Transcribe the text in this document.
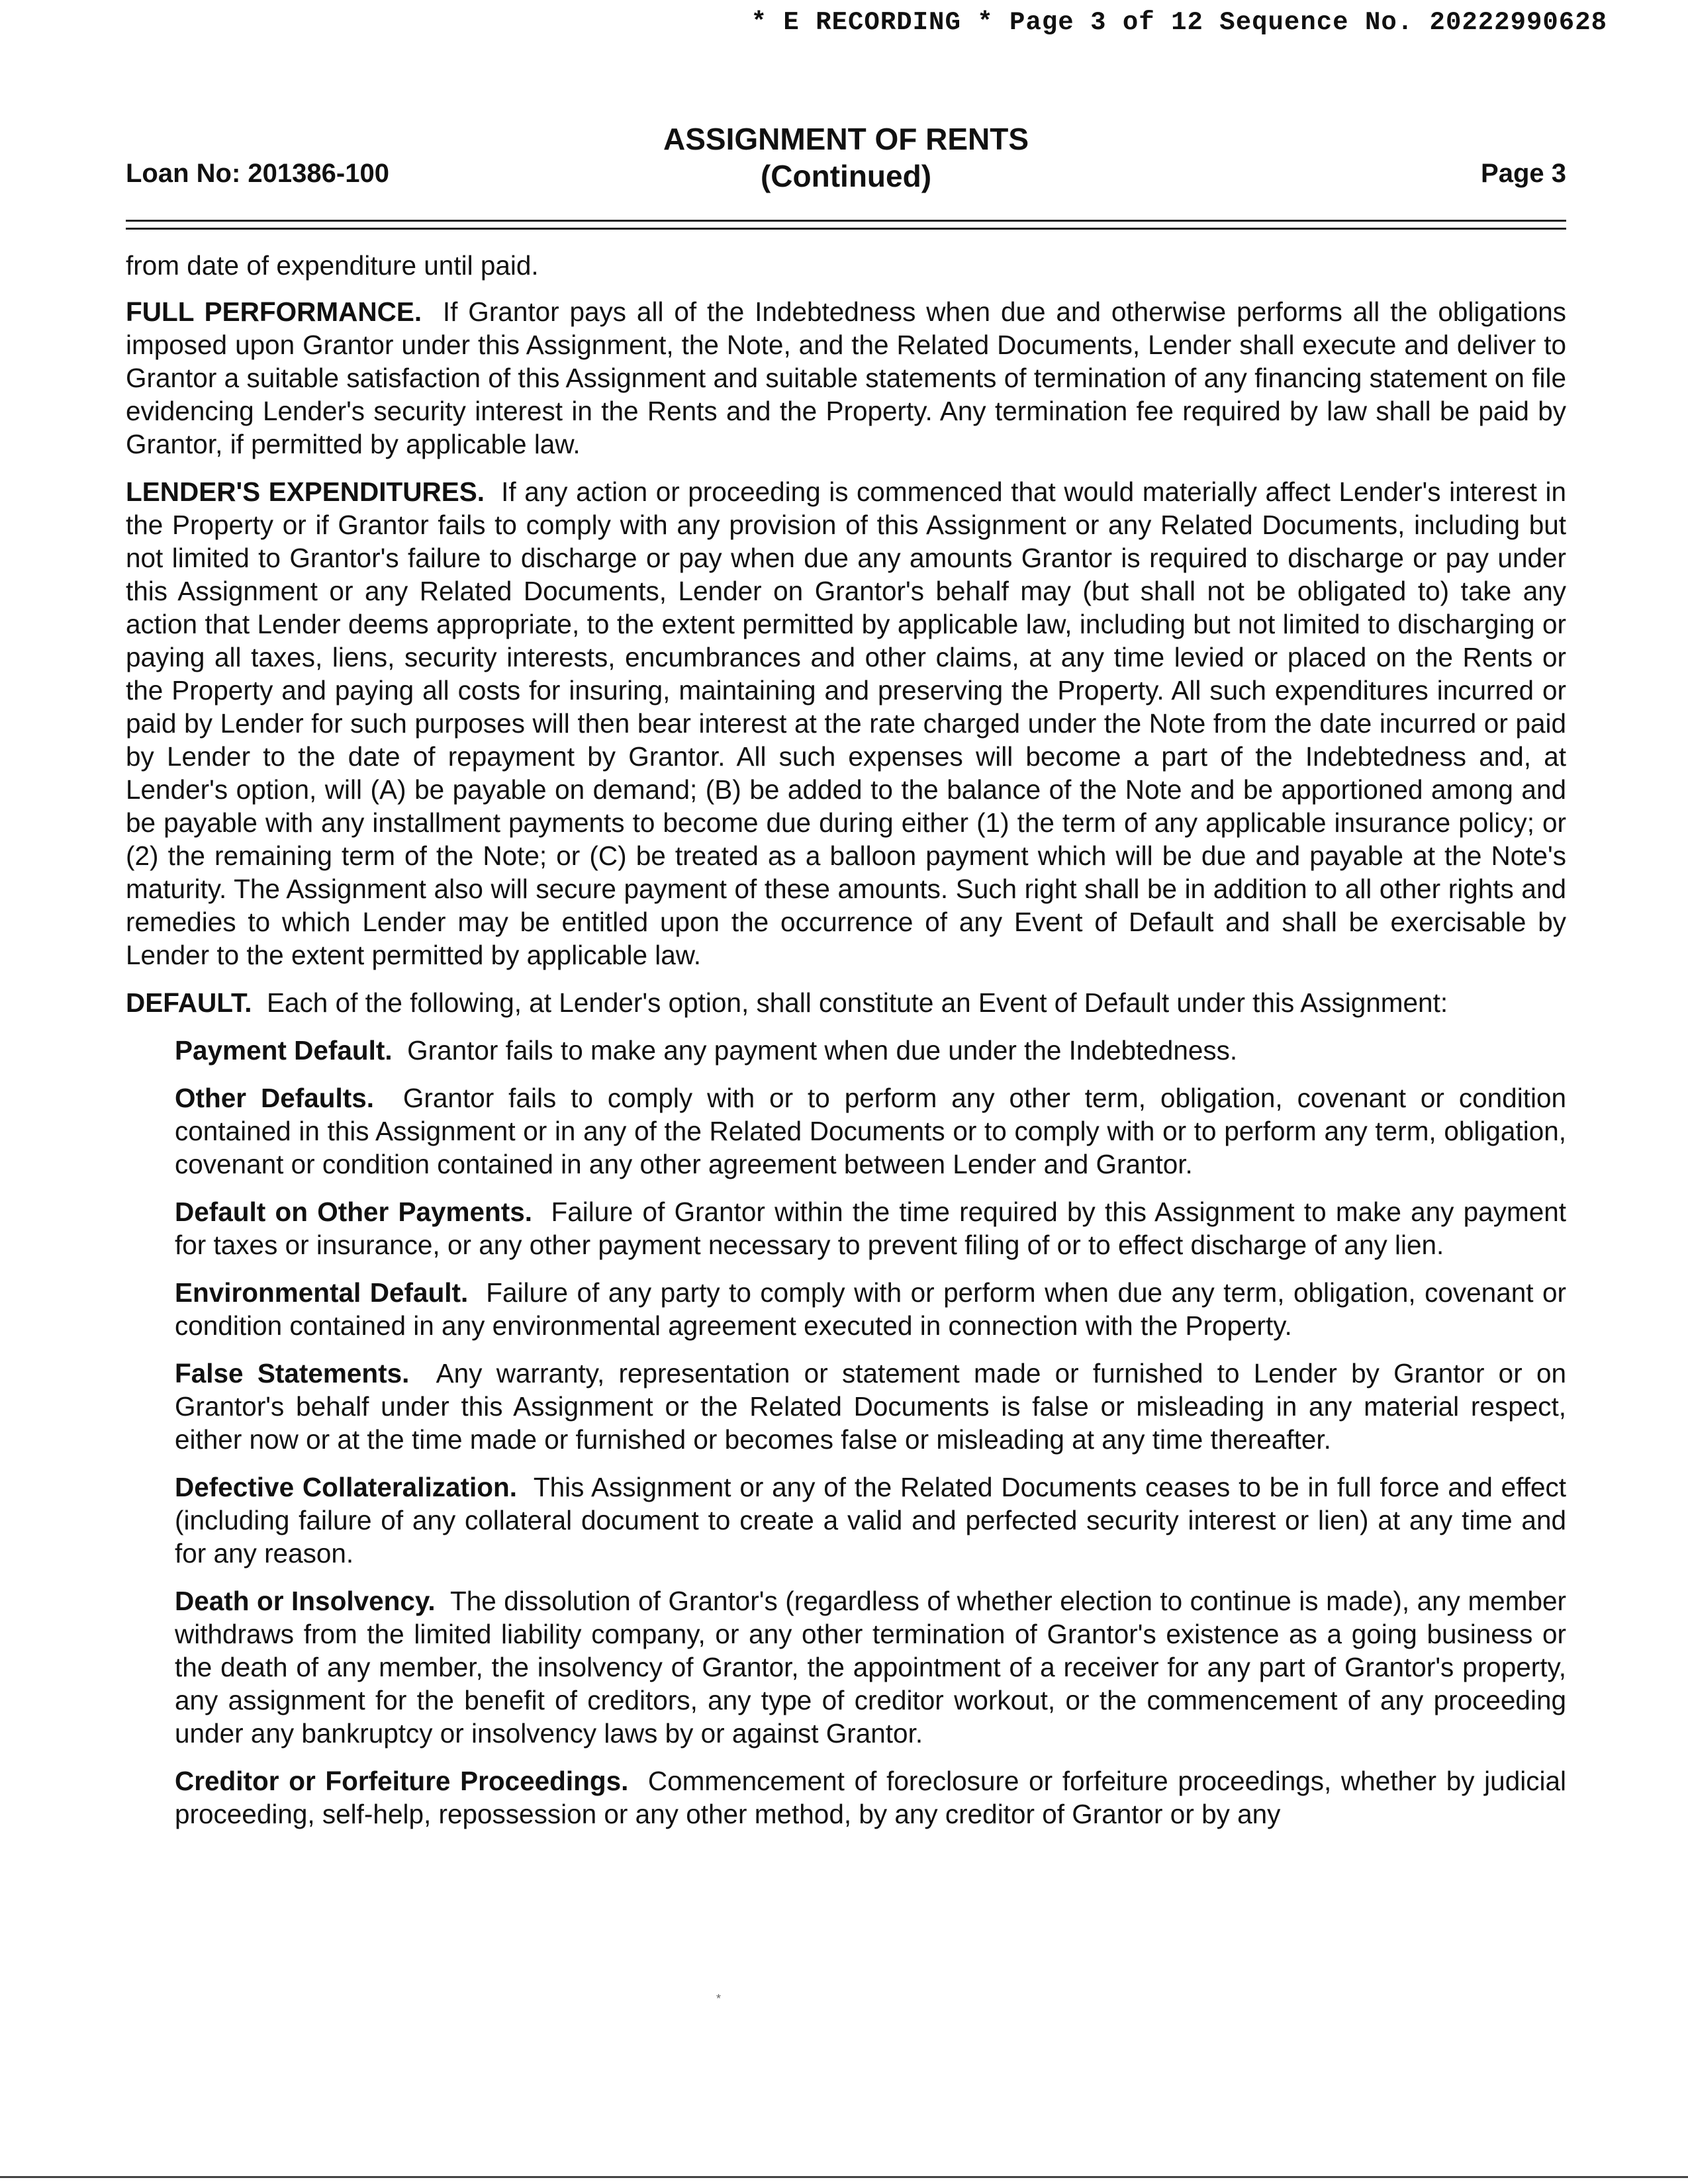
* E RECORDING * Page 3 of 12 Sequence No. 20222990628
Loan No: 201386-100
ASSIGNMENT OF RENTS
(Continued)	Page 3

from date of expenditure until paid.

FULL PERFORMANCE. If Grantor pays all of the Indebtedness when due and otherwise performs all the obligations imposed upon Grantor under this Assignment, the Note, and the Related Documents, Lender shall execute and deliver to Grantor a suitable satisfaction of this Assignment and suitable statements of termination of any financing statement on file evidencing Lender's security interest in the Rents and the Property. Any termination fee required by law shall be paid by Grantor, if permitted by applicable law.

LENDER'S EXPENDITURES. If any action or proceeding is commenced that would materially affect Lender's interest in the Property or if Grantor fails to comply with any provision of this Assignment or any Related Documents, including but not limited to Grantor's failure to discharge or pay when due any amounts Grantor is required to discharge or pay under this Assignment or any Related Documents, Lender on Grantor's behalf may (but shall not be obligated to) take any action that Lender deems appropriate, to the extent permitted by applicable law, including but not limited to discharging or paying all taxes, liens, security interests, encumbrances and other claims, at any time levied or placed on the Rents or the Property and paying all costs for insuring, maintaining and preserving the Property. All such expenditures incurred or paid by Lender for such purposes will then bear interest at the rate charged under the Note from the date incurred or paid by Lender to the date of repayment by Grantor. All such expenses will become a part of the Indebtedness and, at Lender's option, will (A) be payable on demand; (B) be added to the balance of the Note and be apportioned among and be payable with any installment payments to become due during either (1) the term of any applicable insurance policy; or (2) the remaining term of the Note; or (C) be treated as a balloon payment which will be due and payable at the Note's maturity. The Assignment also will secure payment of these amounts. Such right shall be in addition to all other rights and remedies to which Lender may be entitled upon the occurrence of any Event of Default and shall be exercisable by Lender to the extent permitted by applicable law.

DEFAULT. Each of the following, at Lender's option, shall constitute an Event of Default under this Assignment:

Payment Default. Grantor fails to make any payment when due under the Indebtedness.

Other Defaults. Grantor fails to comply with or to perform any other term, obligation, covenant or condition contained in this Assignment or in any of the Related Documents or to comply with or to perform any term, obligation, covenant or condition contained in any other agreement between Lender and Grantor.

Default on Other Payments. Failure of Grantor within the time required by this Assignment to make any payment for taxes or insurance, or any other payment necessary to prevent filing of or to effect discharge of any lien.

Environmental Default. Failure of any party to comply with or perform when due any term, obligation, covenant or condition contained in any environmental agreement executed in connection with the Property.

False Statements. Any warranty, representation or statement made or furnished to Lender by Grantor or on Grantor's behalf under this Assignment or the Related Documents is false or misleading in any material respect, either now or at the time made or furnished or becomes false or misleading at any time thereafter.

Defective Collateralization. This Assignment or any of the Related Documents ceases to be in full force and effect (including failure of any collateral document to create a valid and perfected security interest or lien) at any time and for any reason.

Death or Insolvency. The dissolution of Grantor's (regardless of whether election to continue is made), any member withdraws from the limited liability company, or any other termination of Grantor's existence as a going business or the death of any member, the insolvency of Grantor, the appointment of a receiver for any part of Grantor's property, any assignment for the benefit of creditors, any type of creditor workout, or the commencement of any proceeding under any bankruptcy or insolvency laws by or against Grantor.

Creditor or Forfeiture Proceedings. Commencement of foreclosure or forfeiture proceedings, whether by judicial proceeding, self-help, repossession or any other method, by any creditor of Grantor or by any

*
